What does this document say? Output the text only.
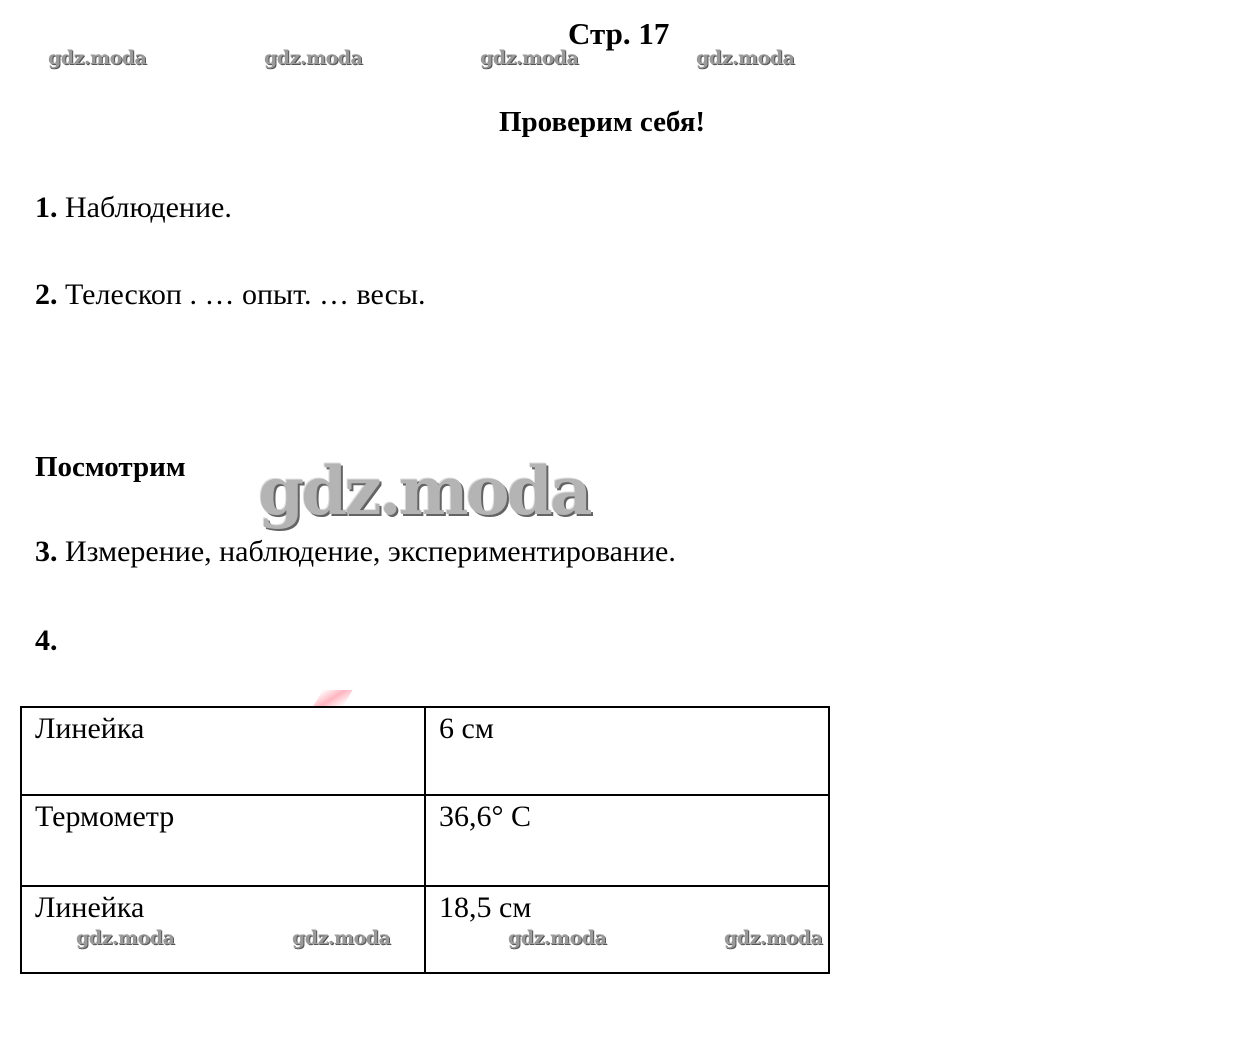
gdz.moda	gdz.moda	gdz.moda	gdz.moda
Стр. 17
Проверим себя!
1. Наблюдение.
2. Телескоп . … опыт. … весы.
Посмотрим
3. Измерение, наблюдение, экспериментирование.
gdz.moda
4.
Линейка	6 см
Термометр	36,6° C
Линейка	18,5 см
gdz.moda	gdz.moda	gdz.moda	gdz.moda
